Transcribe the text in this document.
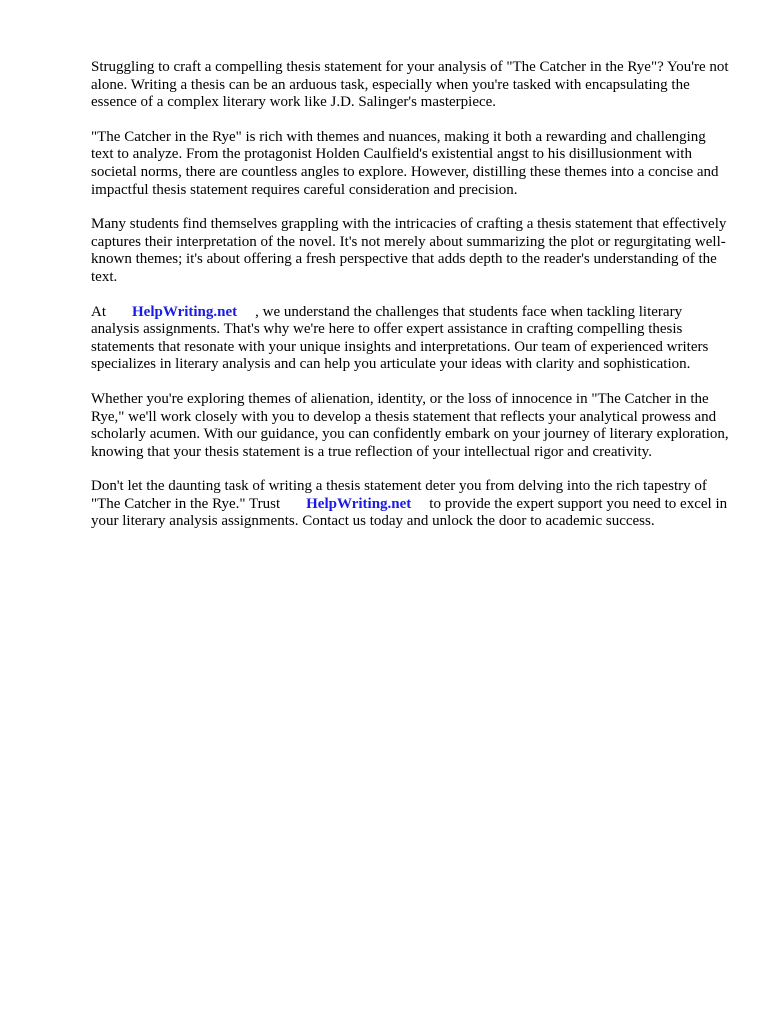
Struggling to craft a compelling thesis statement for your analysis of "The Catcher in the Rye"? You're not alone. Writing a thesis can be an arduous task, especially when you're tasked with encapsulating the essence of a complex literary work like J.D. Salinger's masterpiece.

"The Catcher in the Rye" is rich with themes and nuances, making it both a rewarding and challenging text to analyze. From the protagonist Holden Caulfield's existential angst to his disillusionment with societal norms, there are countless angles to explore. However, distilling these themes into a concise and impactful thesis statement requires careful consideration and precision.

Many students find themselves grappling with the intricacies of crafting a thesis statement that effectively captures their interpretation of the novel. It's not merely about summarizing the plot or regurgitating well-known themes; it's about offering a fresh perspective that adds depth to the reader's understanding of the text.

At HelpWriting.net , we understand the challenges that students face when tackling literary analysis assignments. That's why we're here to offer expert assistance in crafting compelling thesis statements that resonate with your unique insights and interpretations. Our team of experienced writers specializes in literary analysis and can help you articulate your ideas with clarity and sophistication.

Whether you're exploring themes of alienation, identity, or the loss of innocence in "The Catcher in the Rye," we'll work closely with you to develop a thesis statement that reflects your analytical prowess and scholarly acumen. With our guidance, you can confidently embark on your journey of literary exploration, knowing that your thesis statement is a true reflection of your intellectual rigor and creativity.

Don't let the daunting task of writing a thesis statement deter you from delving into the rich tapestry of "The Catcher in the Rye." Trust HelpWriting.net to provide the expert support you need to excel in your literary analysis assignments. Contact us today and unlock the door to academic success.
